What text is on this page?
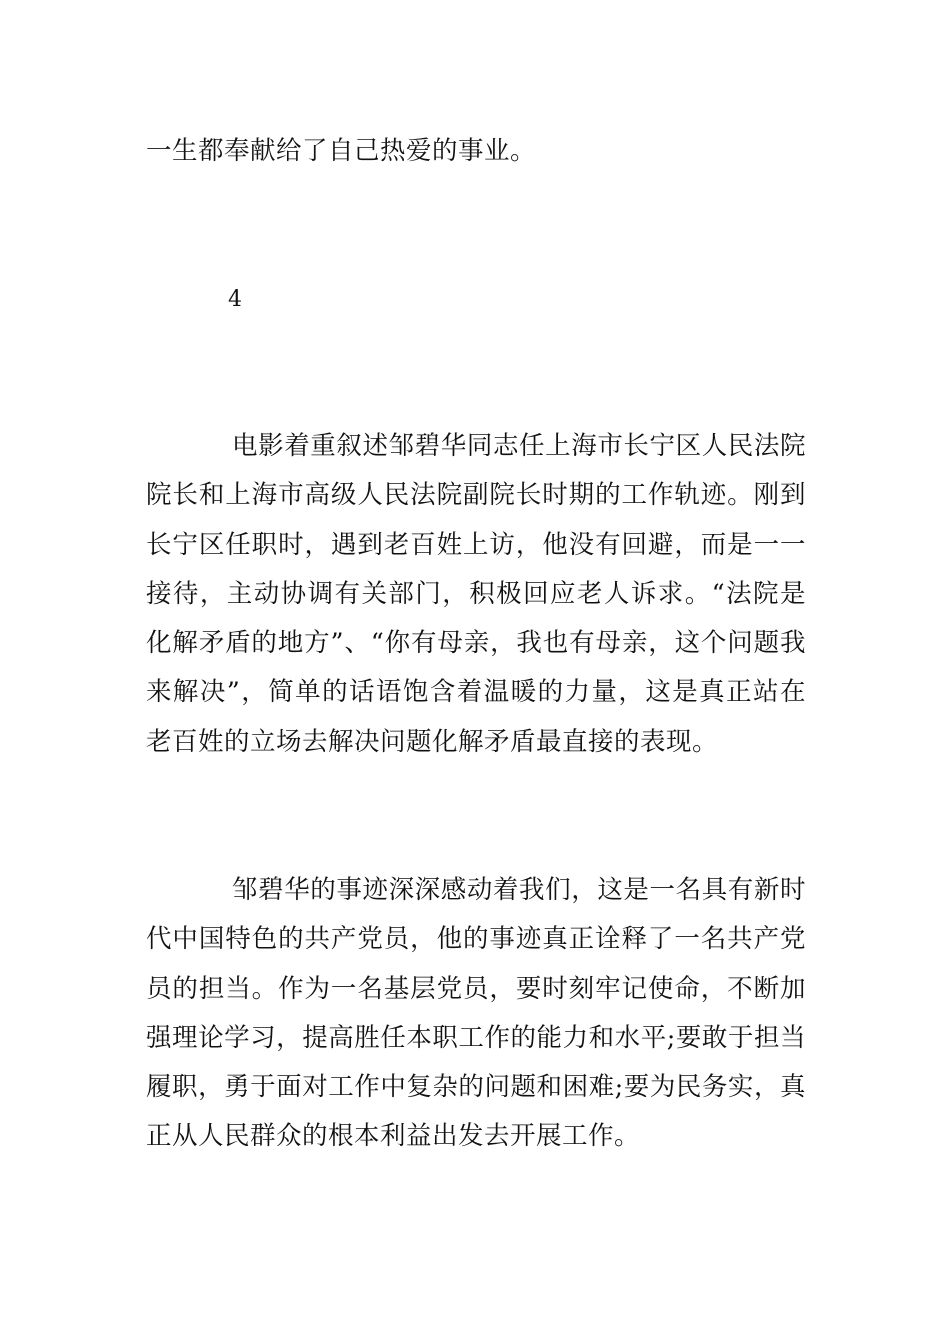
一生都奉献给了自己热爱的事业。
4

电影着重叙述邹碧华同志任上海市长宁区人民法院院长和上海市高级人民法院副院长时期的工作轨迹。刚到长宁区任职时，遇到老百姓上访，他没有回避，而是一一接待，主动协调有关部门，积极回应老人诉求。“法院是化解矛盾的地方”、“你有母亲，我也有母亲，这个问题我来解决”，简单的话语饱含着温暖的力量，这是真正站在老百姓的立场去解决问题化解矛盾最直接的表现。

邹碧华的事迹深深感动着我们，这是一名具有新时代中国特色的共产党员，他的事迹真正诠释了一名共产党员的担当。作为一名基层党员，要时刻牢记使命，不断加强理论学习，提高胜任本职工作的能力和水平;要敢于担当履职，勇于面对工作中复杂的问题和困难;要为民务实，真正从人民群众的根本利益出发去开展工作。
